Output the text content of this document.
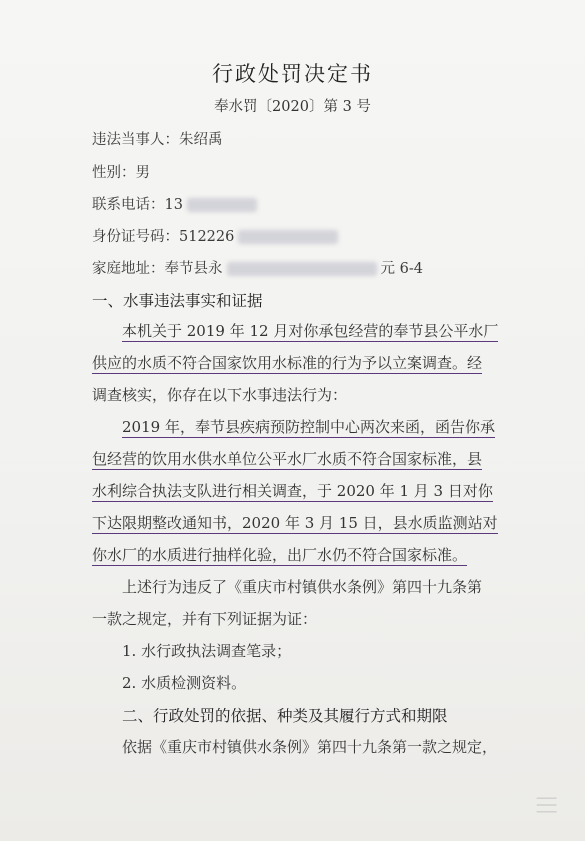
行政处罚决定书
奉水罚〔2020〕第 3 号
违法当事人：朱绍禹
性别：男
联系电话：13
身份证号码：512226
家庭地址：奉节县永	元 6-4
一、水事违法事实和证据
本机关于 2019 年 12 月对你承包经营的奉节县公平水厂
供应的水质不符合国家饮用水标准的行为予以立案调查。经
调查核实，你存在以下水事违法行为：
2019 年，奉节县疾病预防控制中心两次来函，函告你承
包经营的饮用水供水单位公平水厂水质不符合国家标准，县
水利综合执法支队进行相关调查，于 2020 年 1 月 3 日对你
下达限期整改通知书，2020 年 3 月 15 日，县水质监测站对
你水厂的水质进行抽样化验，出厂水仍不符合国家标准。
上述行为违反了《重庆市村镇供水条例》第四十九条第
一款之规定，并有下列证据为证：
1. 水行政执法调查笔录；
2. 水质检测资料。
二、行政处罚的依据、种类及其履行方式和期限
依据《重庆市村镇供水条例》第四十九条第一款之规定，
|||
